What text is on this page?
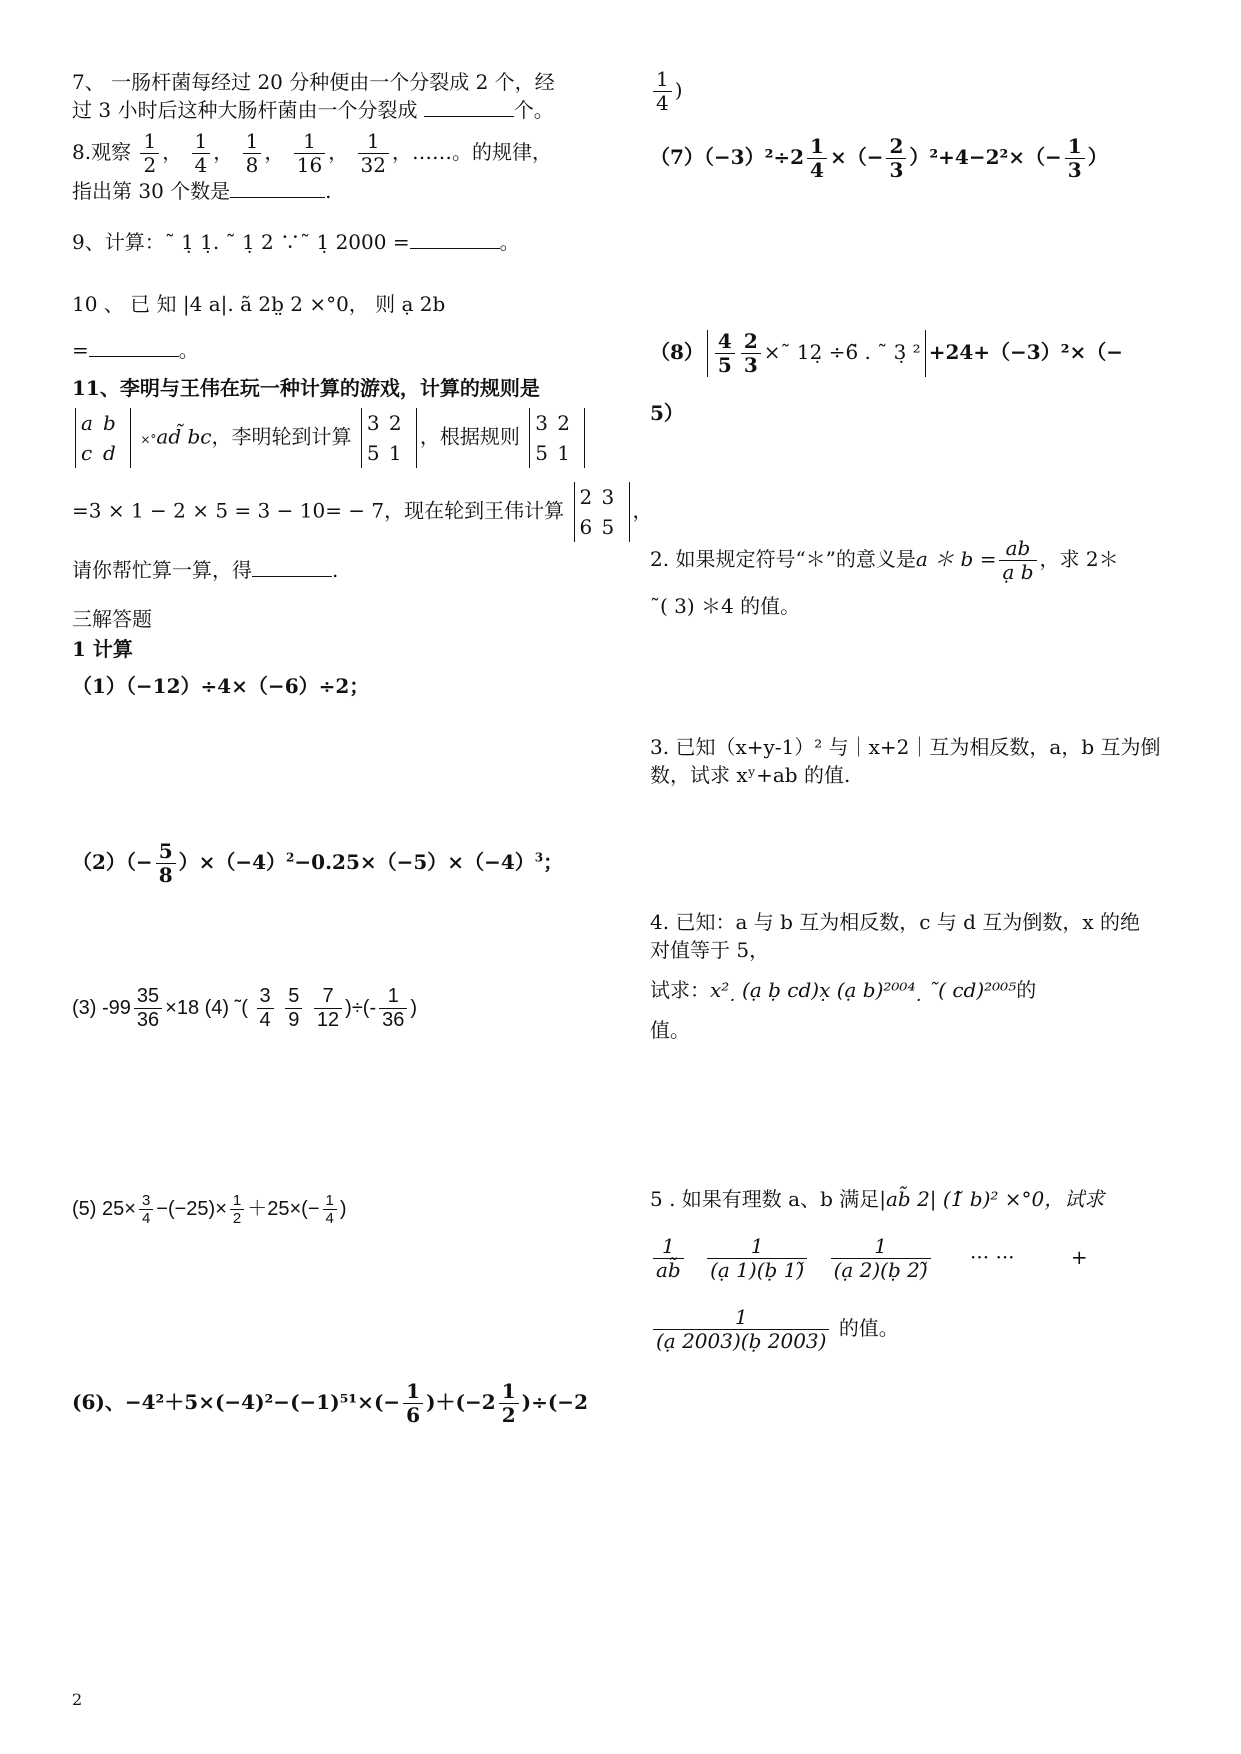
7、 一肠杆菌每经过 20 分种便由一个分裂成 2 个，经
过 3 小时后这种大肠杆菌由一个分裂成	个。
8.观察 $\frac{1}{2}$ ， $\frac{1}{4}$ ， $\frac{1}{8}$ ， $\frac{1}{16}$ ， $\frac{1}{32}$ ，……。的规律，
指出第 30 个数是	.
9、计算：˜ 1̣ 1̣. ˜ 1̣ 2 ∵˜ 1̣ 2000 =	。
10 、 已 知 |4 a|. ã 2b̤ 2 ×°0， 则 ạ 2b
=	。
11、李明与王伟在玩一种计算的游戏，计算的规则是
a b
c d
×°ad̃ bc，李明轮到计算
3 2
5 1
，根据规则
3 2
5 1
=3 × 1 − 2 × 5 = 3 − 10= − 7，现在轮到王伟计算
2 3
6 5
，
请你帮忙算一算，得	.
三解答题
1 计算
（1）（−12）÷4×（−6）÷2；
$(2)(- \frac{5}{8} )\times(-4)^2-0.25\times(-5)\times(-4)^3$；
(3) $-99 \frac{35}{36} \times 18$ (4) ˜( $\frac{3}{4}$
$\frac{5}{9}$
$\frac{7}{12}$ )÷(- $\frac{1}{36}$ )
(5) $25\times \frac{3}{4} -(-25)\times \frac{1}{2} +25\times(- \frac{1}{4}$ )
(6)、$-4^2+5\times(-4)^2-(-1)^{51}\times(- \frac{1}{6} )+(-2 \frac{1}{2} )\div(-2$
2
$\frac{1}{4}$ )
$(7)(-3)^2\div 2 \frac{1}{4}$ ×（− $\frac{2}{3} )^2+4-2^2\times(- \frac{1}{3}$ ）
$(8) \frac{4}{5} \frac{2}{3}$ ×˜ 12̣ ÷6̃ . ˜ 3̣ ² +24+（−3）²×（−
5）
2. 如果规定符号“＊”的意义是a ＊ $b = \frac{ab}{\text{ạ b}}$ ，求 2＊
˜( 3) ＊4 的值。
3. 已知（x+y-1）² 与｜x+2｜互为相反数，a，b 互为倒
数，试求 xʸ+ab 的值.
4. 已知：a 与 b 互为相反数，c 与 d 互为倒数，x 的绝
对值等于 5，
试求：x² ̣ (ạ ḅ cd)x̣ (ạ b)²⁰⁰⁴ ̣ ˜( cd)²⁰⁰⁵的
值。
5 . 如果有理数 a、b 满足|ab̃ 2| (1̃ b)² ×°0，试求
$\frac{1}{ab̃}$
$\frac{1}{\text{(ạ 1)(ḅ 1)̃}}$
$\frac{1}{\text{(ạ 2)(ḅ 2)̃}}$ ··· ···	+
$\frac{1}{\text{(ạ 2003)(ḅ 2003)}}$ 的值。
